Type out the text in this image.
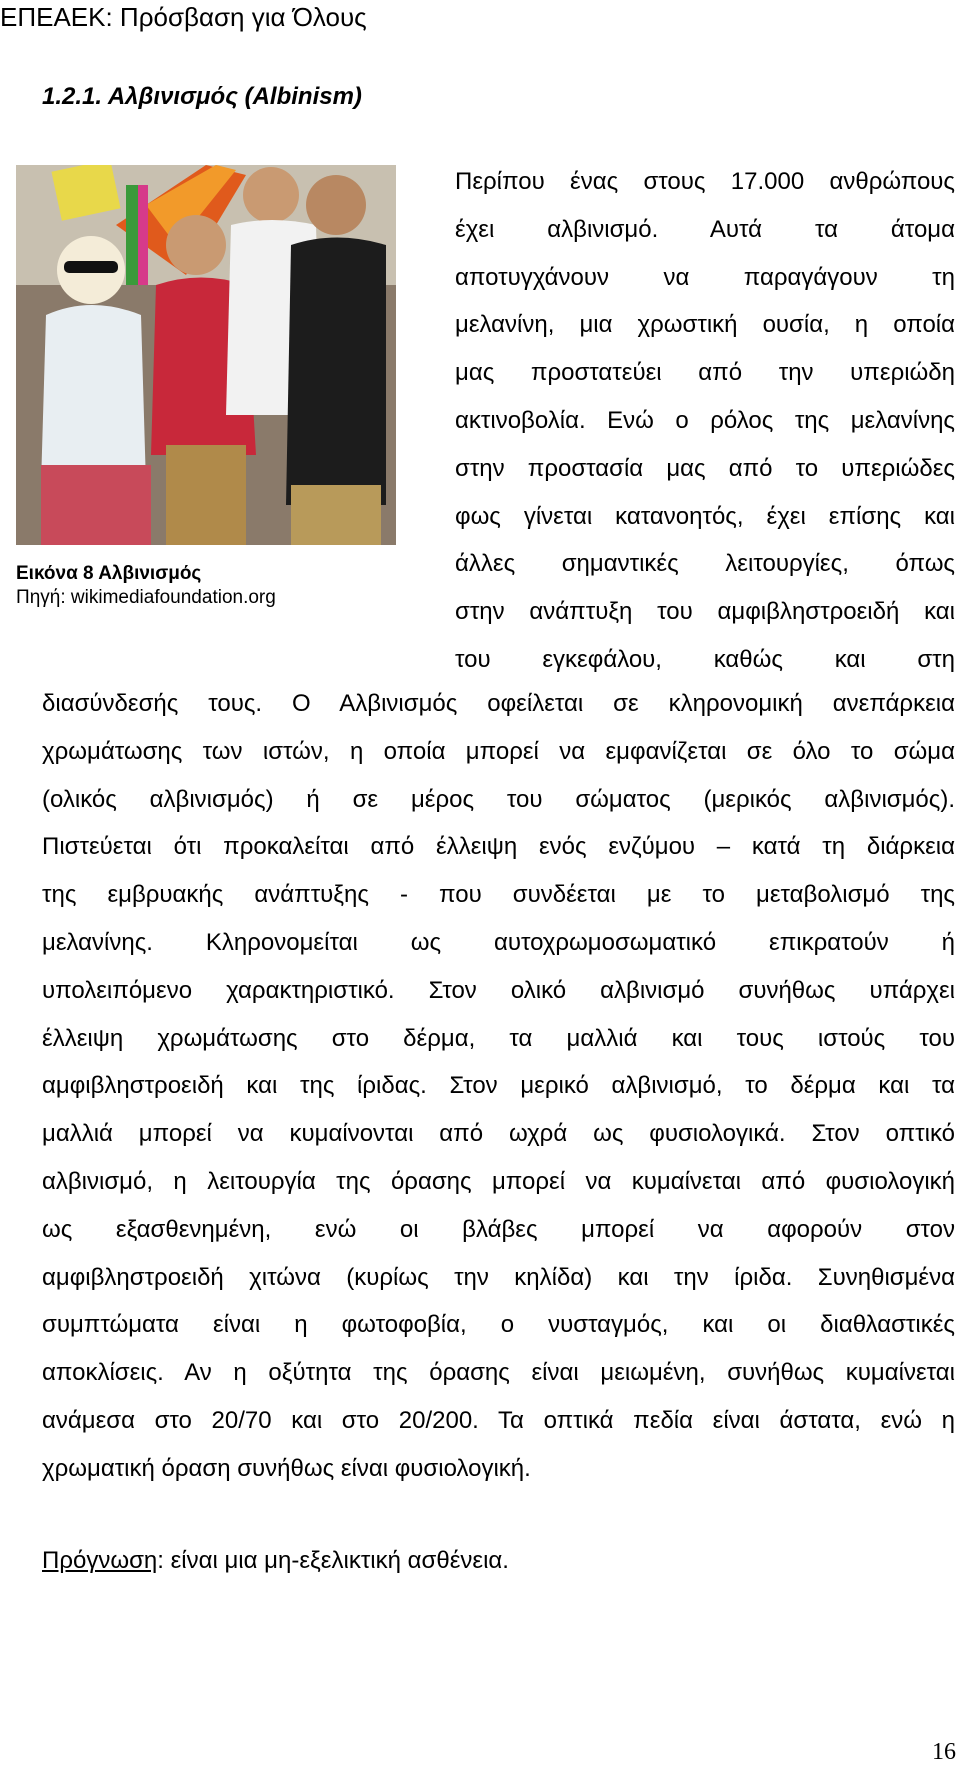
ΕΠΕΑΕΚ: Πρόσβαση για Όλους
1.2.1. Αλβινισμός (Albinism)
Εικόνα 8 Αλβινισμός
Πηγή: wikimediafoundation.org
Περίπου ένας στους 17.000 ανθρώπους
έχει αλβινισμό. Αυτά τα άτομα
αποτυγχάνουν να παραγάγουν τη
μελανίνη, μια χρωστική ουσία, η οποία
μας προστατεύει από την υπεριώδη
ακτινοβολία. Ενώ ο ρόλος της μελανίνης
στην προστασία μας από το υπεριώδες
φως γίνεται κατανοητός, έχει επίσης και
άλλες σημαντικές λειτουργίες, όπως
στην ανάπτυξη του αμφιβληστροειδή και
του εγκεφάλου, καθώς και στη
διασύνδεσής τους. Ο Αλβινισμός οφείλεται σε κληρονομική ανεπάρκεια
χρωμάτωσης των ιστών, η οποία μπορεί να εμφανίζεται σε όλο το σώμα
(ολικός αλβινισμός) ή σε μέρος του σώματος (μερικός αλβινισμός).
Πιστεύεται ότι προκαλείται από έλλειψη ενός ενζύμου – κατά τη διάρκεια
της εμβρυακής ανάπτυξης - που συνδέεται με το μεταβολισμό της
μελανίνης. Κληρονομείται ως αυτοχρωμοσωματικό επικρατούν ή
υπολειπόμενο χαρακτηριστικό. Στον ολικό αλβινισμό συνήθως υπάρχει
έλλειψη χρωμάτωσης στο δέρμα, τα μαλλιά και τους ιστούς του
αμφιβληστροειδή και της ίριδας. Στον μερικό αλβινισμό, το δέρμα και τα
μαλλιά μπορεί να κυμαίνονται από ωχρά ως φυσιολογικά. Στον οπτικό
αλβινισμό, η λειτουργία της όρασης μπορεί να κυμαίνεται από φυσιολογική
ως εξασθενημένη, ενώ οι βλάβες μπορεί να αφορούν στον
αμφιβληστροειδή χιτώνα (κυρίως την κηλίδα) και την ίριδα. Συνηθισμένα
συμπτώματα είναι η φωτοφοβία, ο νυσταγμός, και οι διαθλαστικές
αποκλίσεις. Αν η οξύτητα της όρασης είναι μειωμένη, συνήθως κυμαίνεται
ανάμεσα στο 20/70 και στο 20/200. Τα οπτικά πεδία είναι άστατα, ενώ η
χρωματική όραση συνήθως είναι φυσιολογική.
Πρόγνωση: είναι μια μη-εξελικτική ασθένεια.
16
